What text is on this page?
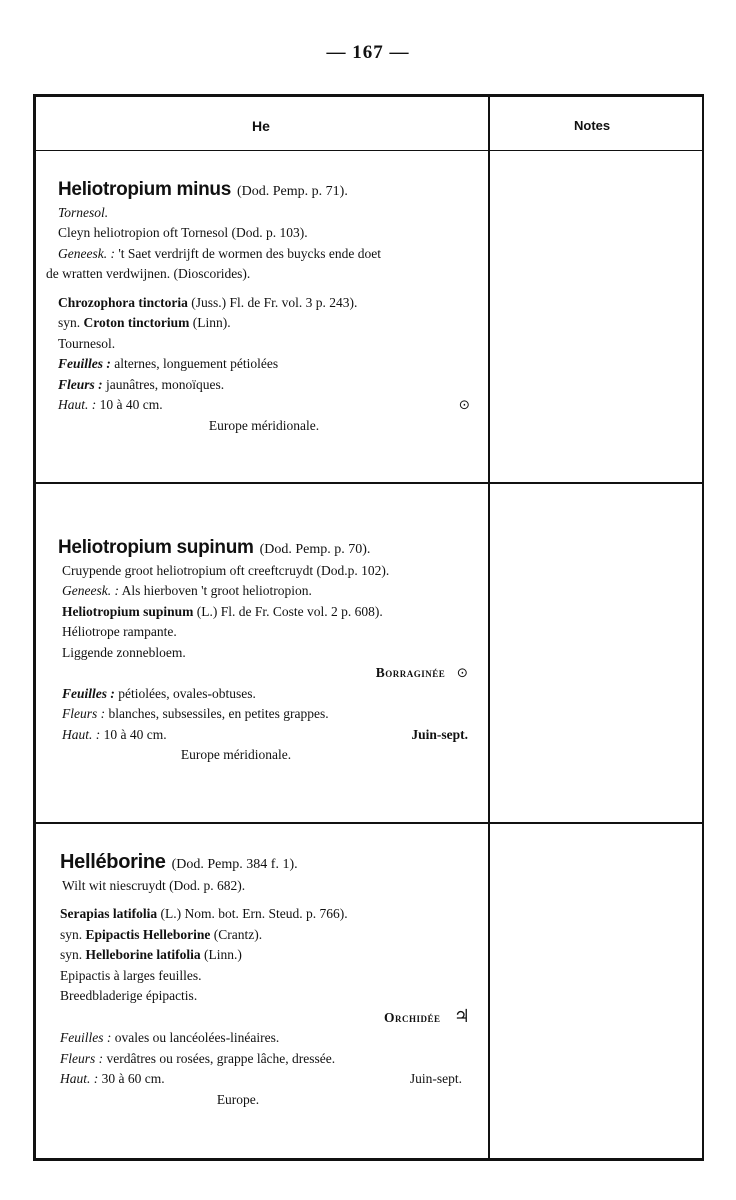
— 167 —
He	Notes
Heliotropium minus (Dod. Pemp. p. 71).
Tornesol.
Cleyn heliotropion oft Tornesol (Dod. p. 103).
Geneesk. : 't Saet verdrijft de wormen des buycks ende doet
de wratten verdwijnen. (Dioscorides).
Chrozophora tinctoria (Juss.) Fl. de Fr. vol. 3 p. 243).
syn. Croton tinctorium (Linn).
Tournesol.
Feuilles : alternes, longuement pétiolées
Fleurs : jaunâtres, monoïques.
Haut. : 10 à 40 cm.	⊙
Europe méridionale.
Heliotropium supinum (Dod. Pemp. p. 70).
Cruypende groot heliotropium oft creeftcruydt (Dod.p. 102).
Geneesk. : Als hierboven 't groot heliotropion.
Heliotropium supinum (L.) Fl. de Fr. Coste vol. 2 p. 608).
Héliotrope rampante.
Liggende zonnebloem.
Borraginée ⊙
Feuilles : pétiolées, ovales-obtuses.
Fleurs : blanches, subsessiles, en petites grappes.
Haut. : 10 à 40 cm.	Juin-sept.
Europe méridionale.
Helléborine (Dod. Pemp. 384 f. 1).
Wilt wit niescruydt (Dod. p. 682).
Serapias latifolia (L.) Nom. bot. Ern. Steud. p. 766).
syn. Epipactis Helleborine (Crantz).
syn. Helleborine latifolia (Linn.)
Epipactis à larges feuilles.
Breedbladerige épipactis.
Orchidée ♃
Feuilles : ovales ou lancéolées-linéaires.
Fleurs : verdâtres ou rosées, grappe lâche, dressée.
Haut. : 30 à 60 cm.	Juin-sept.
Europe.
